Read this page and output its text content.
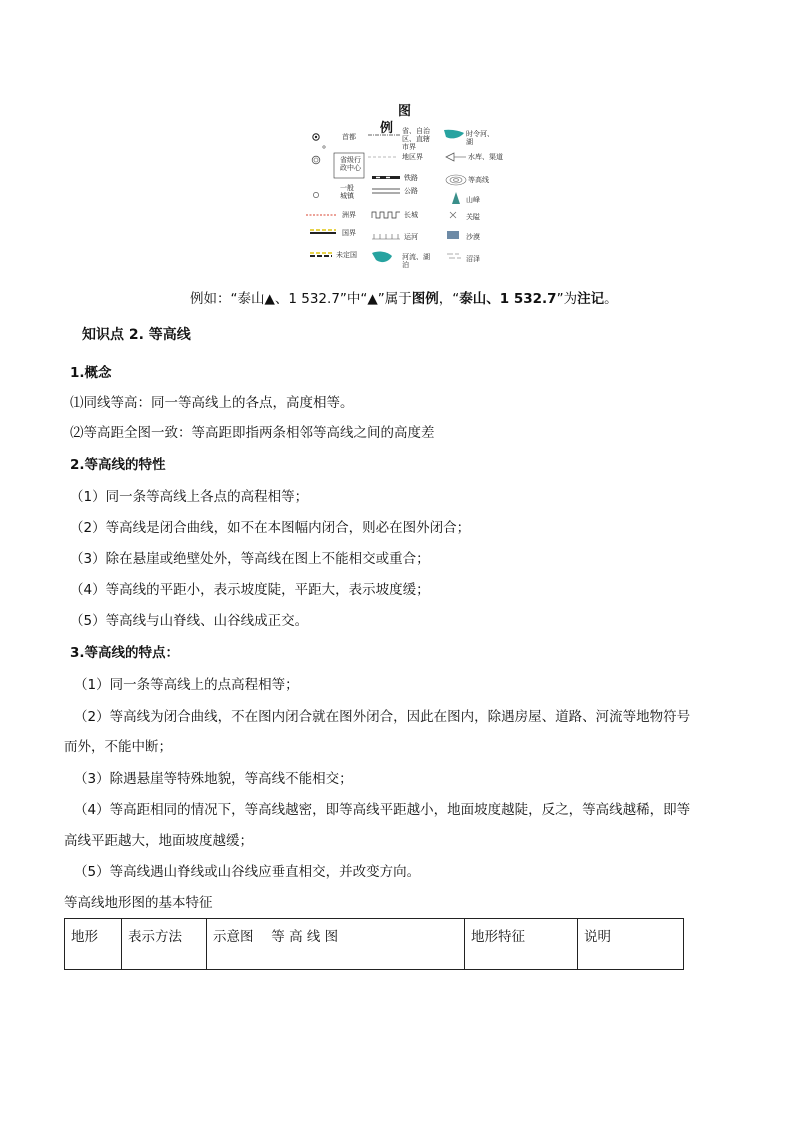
图
例
首都
省级行政中心
一般城镇
洲界
国界
未定国
省、自治区、直辖市界
地区界
铁路
公路
长城
运河
河流、湖泊
时令河、湖
水库、渠道
等高线
山峰
关隘
沙漠
沼泽
例如：“泰山▲、1 532.7”中“▲”属于图例，“泰山、1 532.7”为注记。
知识点 2. 等高线
1.概念
⑴同线等高：同一等高线上的各点，高度相等。
⑵等高距全图一致：等高距即指两条相邻等高线之间的高度差
2.等高线的特性
（1）同一条等高线上各点的高程相等；
（2）等高线是闭合曲线，如不在本图幅内闭合，则必在图外闭合；
（3）除在悬崖或绝壁处外，等高线在图上不能相交或重合；
（4）等高线的平距小，表示坡度陡，平距大，表示坡度缓；
（5）等高线与山脊线、山谷线成正交。
3.等高线的特点：
（1）同一条等高线上的点高程相等；
（2）等高线为闭合曲线，不在图内闭合就在图外闭合，因此在图内，除遇房屋、道路、河流等地物符号
而外，不能中断；
（3）除遇悬崖等特殊地貌，等高线不能相交；
（4）等高距相同的情况下，等高线越密，即等高线平距越小，地面坡度越陡，反之，等高线越稀，即等
高线平距越大，地面坡度越缓；
（5）等高线遇山脊线或山谷线应垂直相交，并改变方向。
等高线地形图的基本特征
地形	表示方法	示意图　 等 高 线 图	地形特征	说明
